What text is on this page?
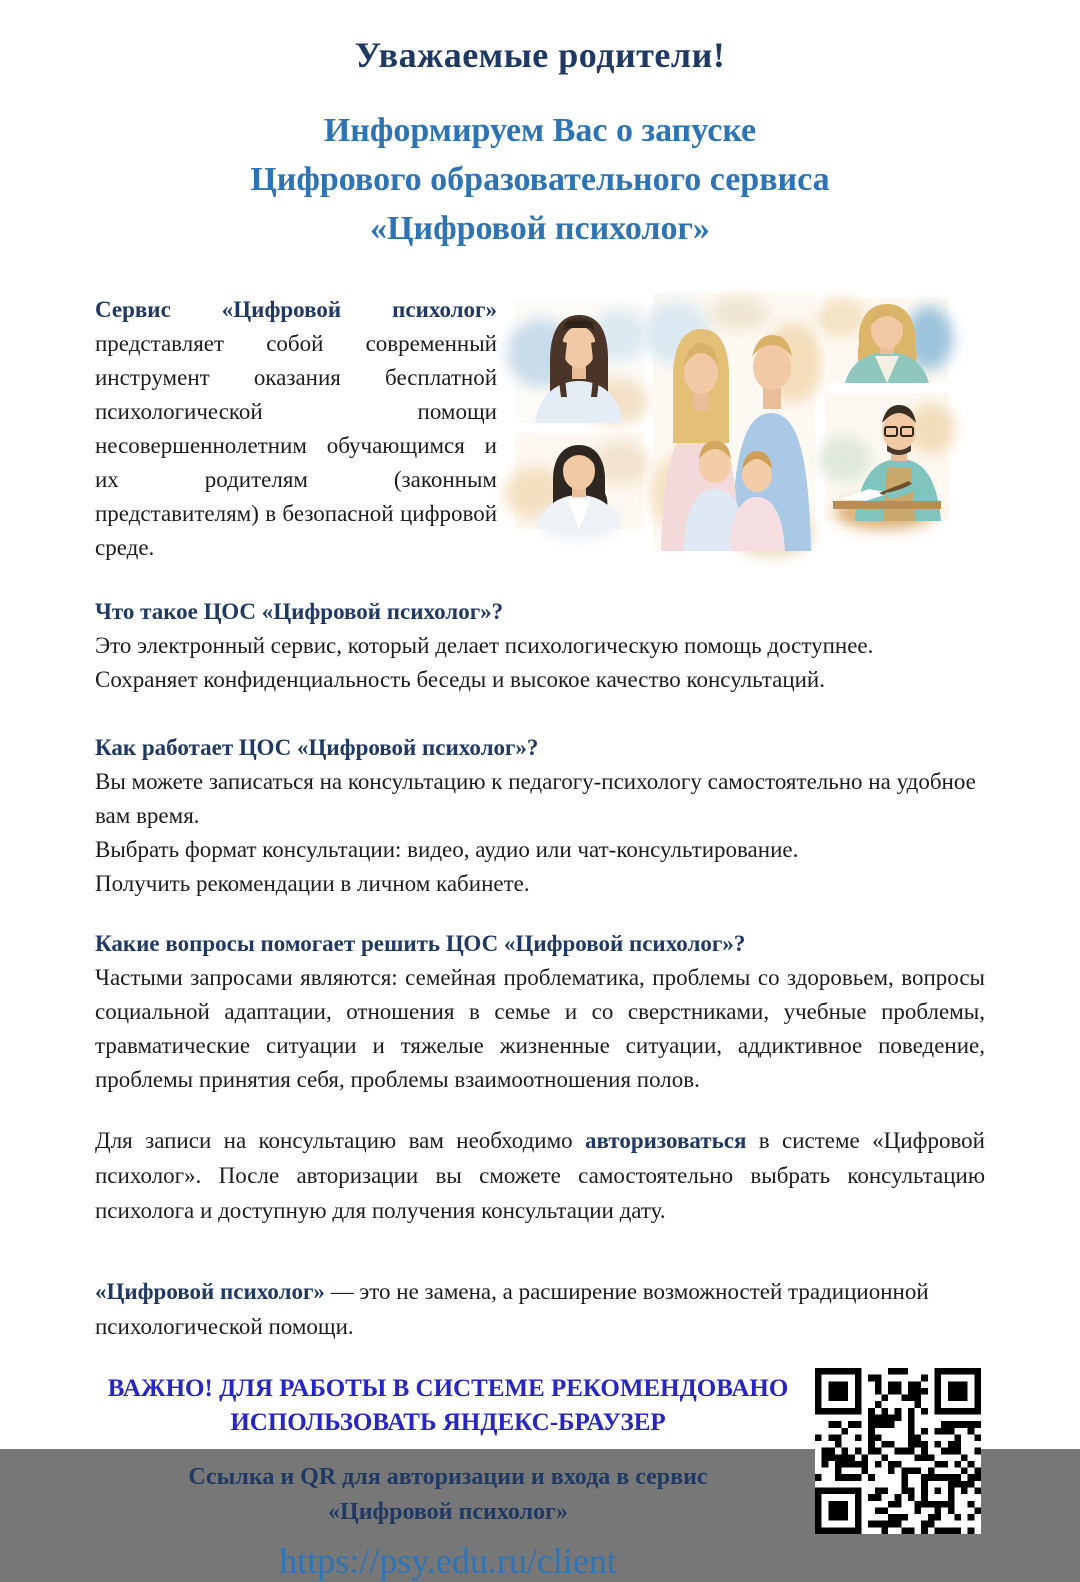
Уважаемые родители!
Информируем Вас о запуске
Цифрового образовательного сервиса
«Цифровой психолог»

Сервис «Цифровой психолог» представляет собой современный инструмент оказания бесплатной психологической помощи несовершеннолетним обучающимся и их родителям (законным представителям) в безопасной цифровой среде.

Что такое ЦОС «Цифровой психолог»?

Это электронный сервис, который делает психологическую помощь доступнее.

Сохраняет конфиденциальность беседы и высокое качество консультаций.

Как работает ЦОС «Цифровой психолог»?

Вы можете записаться на консультацию к педагогу-психологу самостоятельно на удобное вам время.

Выбрать формат консультации: видео, аудио или чат-консультирование.

Получить рекомендации в личном кабинете.

Какие вопросы помогает решить ЦОС «Цифровой психолог»?

Частыми запросами являются: семейная проблематика, проблемы со здоровьем, вопросы социальной адаптации, отношения в семье и со сверстниками, учебные проблемы, травматические ситуации и тяжелые жизненные ситуации, аддиктивное поведение, проблемы принятия себя, проблемы взаимоотношения полов.

Для записи на консультацию вам необходимо авторизоваться в системе «Цифровой психолог». После авторизации вы сможете самостоятельно выбрать консультацию психолога и доступную для получения консультации дату.

«Цифровой психолог» — это не замена, а расширение возможностей традиционной психологической помощи.

ВАЖНО! ДЛЯ РАБОТЫ В СИСТЕМЕ РЕКОМЕНДОВАНО
ИСПОЛЬЗОВАТЬ ЯНДЕКС-БРАУЗЕР

Ссылка и QR для авторизации и входа в сервис
«Цифровой психолог»

https://psy.edu.ru/client
